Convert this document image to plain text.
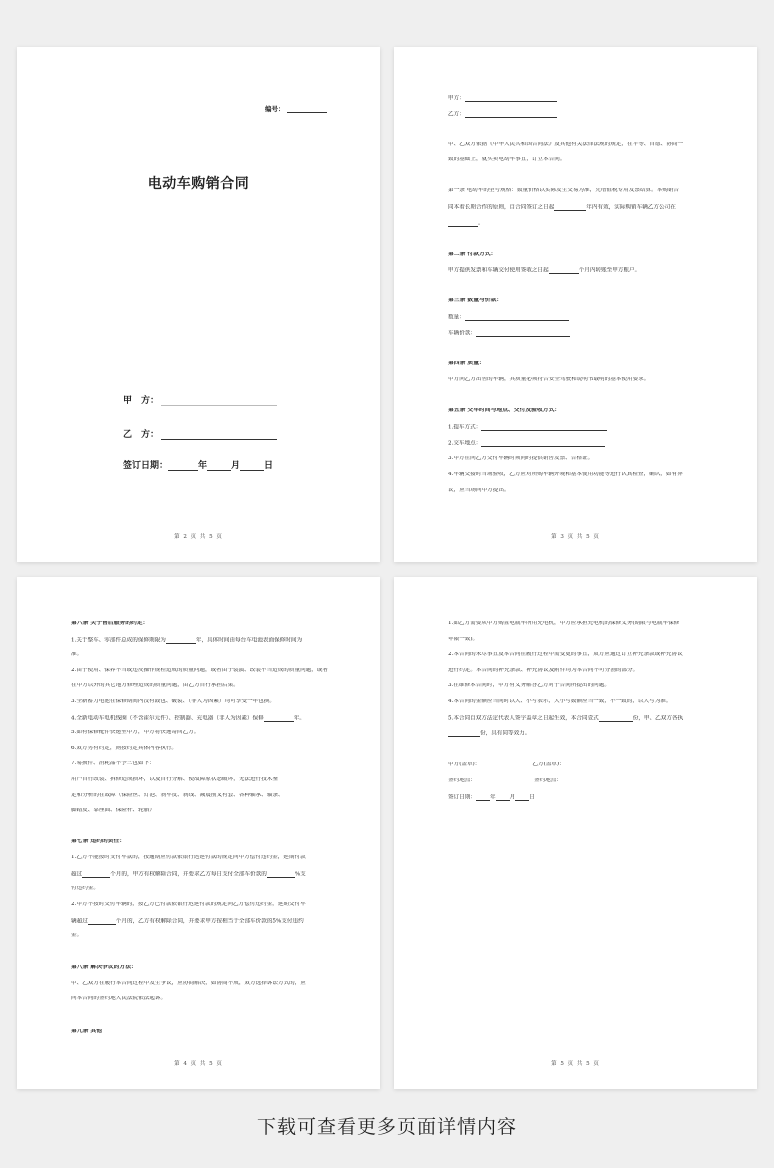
编号：
电动车购销合同
甲　方：
乙　方：
签订日期：	年	月	日
第 2 页 共 5 页
甲方：
乙方：
甲、乙双方依据《中华人民共和国合同法》及其他有关法律法规的规定，在平等、自愿、协商一
致的基础上，就买卖电动车事宜，订立本合同。
第一条 电动车的型号规格：数量价格以实际发生交易为准，凭增值税专用发票结算。本购销合
同本着长期合作的原则，自合同签订之日起	年内有效，实际购销车辆乙方公司在
。
第二条 付款方式：
甲方提供发票和车辆交付使用签收之日起	个月内转账至甲方账户。
第三条 数量与价款：
数量：
车辆价款：
第四条 质量：
甲方向乙方出售的车辆，其质量必须符合安全驾驶和说明书载明的基本使用要求。
第五条 交车时间与地点、交付及验收方式：
1.提车方式：
2.交车地点：
3.甲方在向乙方交付车辆时须同时提供销售发票、合格证。
4.车辆交接时当场验收，乙方应对所购车辆外观和基本使用功能等进行认真检查，确认，如有异
议，应当场向甲方提出。
第 3 页 共 5 页
第六条 关于售后服务的约定：
1.关于整车、零部件总成的保修期限为	年，具体时间由每台车电池表面保修时间为
准。
2.由于使用、保养不当或违反操作规程造成的质量问题，或者由于装潢、改装不当造成的质量问题，或者
在甲方以外的其它地方修理造成的质量问题，由乙方自行承担后果。
3.全新蓄力电池在保修期间内没有鼓包、破裂、（非人为因素）均可享受一年包换。
4.全新电动车电机线圈（不含霍尔元件）、控制器、充电器（非人为因素）保修	年。
5.如有保修配件快递至甲方，甲方将快递寄回乙方。
6.双方另有约定，则按约定具体内容执行。
7.易损件、消耗品不予三包如下：
用户自行改装、拆修造成损坏，以及自行分解、使故障原状态破坏，无法进行技术鉴
定和分析的在故障（保险丝、灯泡、刹车皮、刹线、减震前叉衬套、各种轴承、辐条、
脚踏皮、靠座面、保险杆、轮胎）
第七条 违约的责任：
1.乙方不能按时支付车款的，按逾期应付款依银行迟延付款的规定向甲方偿付违约金，延期付款
超过	个月的，甲方有权解除合同，并要求乙方每日支付全部车价款的	%支
付违约金。
2.甲方不按时交付车辆的，按乙方已付款依银行迟延付款的规定向乙方偿付违约金，延期交付车
辆超过	个月的，乙方有权解除合同，并要求甲方按相当于全部车价款的5%支付违约
金。
第八条 解决争议的方法：
甲、乙双方在履行本合同过程中发生争议，应协商解决，如协商不成，双方选择诉讼方式的，应
向本合同的签约地人民法院依法起诉。
第九条 其他
第 4 页 共 5 页
1.如乙方需要从甲方购置电瓶车所用充电机，甲方应承担充电机的保修义务(期限与电瓶车保修
年限一致)。
2.本合同的未尽事宜及本合同在履行过程中需变更的事宜，双方应通过订立补充条款或补充协议
进行约定。本合同的补充条款、补充协议及附件均为本合同不可分割的部分。
3.在维修本合同时，甲方有义务解答乙方对于合同所提出的问题。
4.本合同的金额应当同时以大、小写表示，大小写数额应当一致，不一致的，以大写为准。
5.本合同自双方法定代表人签字盖章之日起生效，本合同壹式	份，甲、乙双方各执
份，具有同等效力。
甲方(盖章)：	乙方(盖章)：
签约地点：	签约地点：
签订日期：	年	月	日
第 5 页 共 5 页
下载可查看更多页面详情内容
